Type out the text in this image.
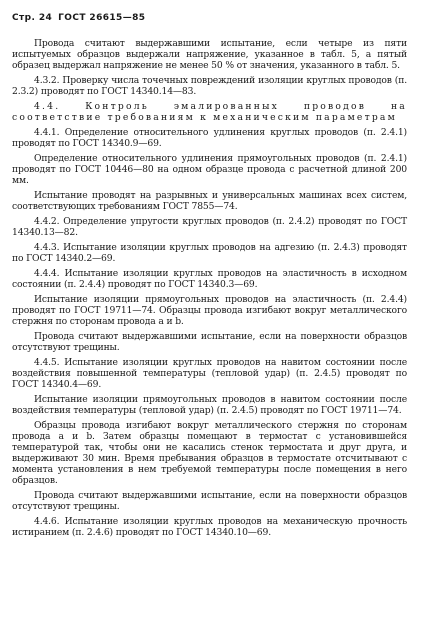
Стр. 24 ГОСТ 26615—85

Провода считают выдержавшими испытание, если четыре из пяти испытуемых образцов выдержали напряжение, указанное в табл. 5, а пятый образец выдержал напряжение не менее 50 % от значения, указанного в табл. 5.

4.3.2. Проверку числа точечных повреждений изоляции круглых проводов (п. 2.3.2) проводят по ГОСТ 14340.14—83.

4.4. Контроль эмалированных проводов на соответствие требованиям к механическим параметрам

4.4.1. Определение относительного удлинения круглых проводов (п. 2.4.1) проводят по ГОСТ 14340.9—69.

Определение относительного удлинения прямоугольных проводов (п. 2.4.1) проводят по ГОСТ 10446—80 на одном образце провода с расчетной длиной 200 мм.

Испытание проводят на разрывных и универсальных машинах всех систем, соответствующих требованиям ГОСТ 7855—74.

4.4.2. Определение упругости круглых проводов (п. 2.4.2) проводят по ГОСТ 14340.13—82.

4.4.3. Испытание изоляции круглых проводов на адгезию (п. 2.4.3) проводят по ГОСТ 14340.2—69.

4.4.4. Испытание изоляции круглых проводов на эластичность в исходном состоянии (п. 2.4.4) проводят по ГОСТ 14340.3—69.

Испытание изоляции прямоугольных проводов на эластичность (п. 2.4.4) проводят по ГОСТ 19711—74. Образцы провода изгибают вокруг металлического стержня по сторонам провода a и b.

Провода считают выдержавшими испытание, если на поверхности образцов отсутствуют трещины.

4.4.5. Испытание изоляции круглых проводов на навитом состоянии после воздействия повышенной температуры (тепловой удар) (п. 2.4.5) проводят по ГОСТ 14340.4—69.

Испытание изоляции прямоугольных проводов в навитом состоянии после воздействия температуры (тепловой удар) (п. 2.4.5) проводят по ГОСТ 19711—74.

Образцы провода изгибают вокруг металлического стержня по сторонам провода a и b. Затем образцы помещают в термостат с установившейся температурой так, чтобы они не касались стенок термостата и друг друга, и выдерживают 30 мин. Время пребывания образцов в термостате отсчитывают с момента установления в нем требуемой температуры после помещения в него образцов.

Провода считают выдержавшими испытание, если на поверхности образцов отсутствуют трещины.

4.4.6. Испытание изоляции круглых проводов на механическую прочность истиранием (п. 2.4.6) проводят по ГОСТ 14340.10—69.
